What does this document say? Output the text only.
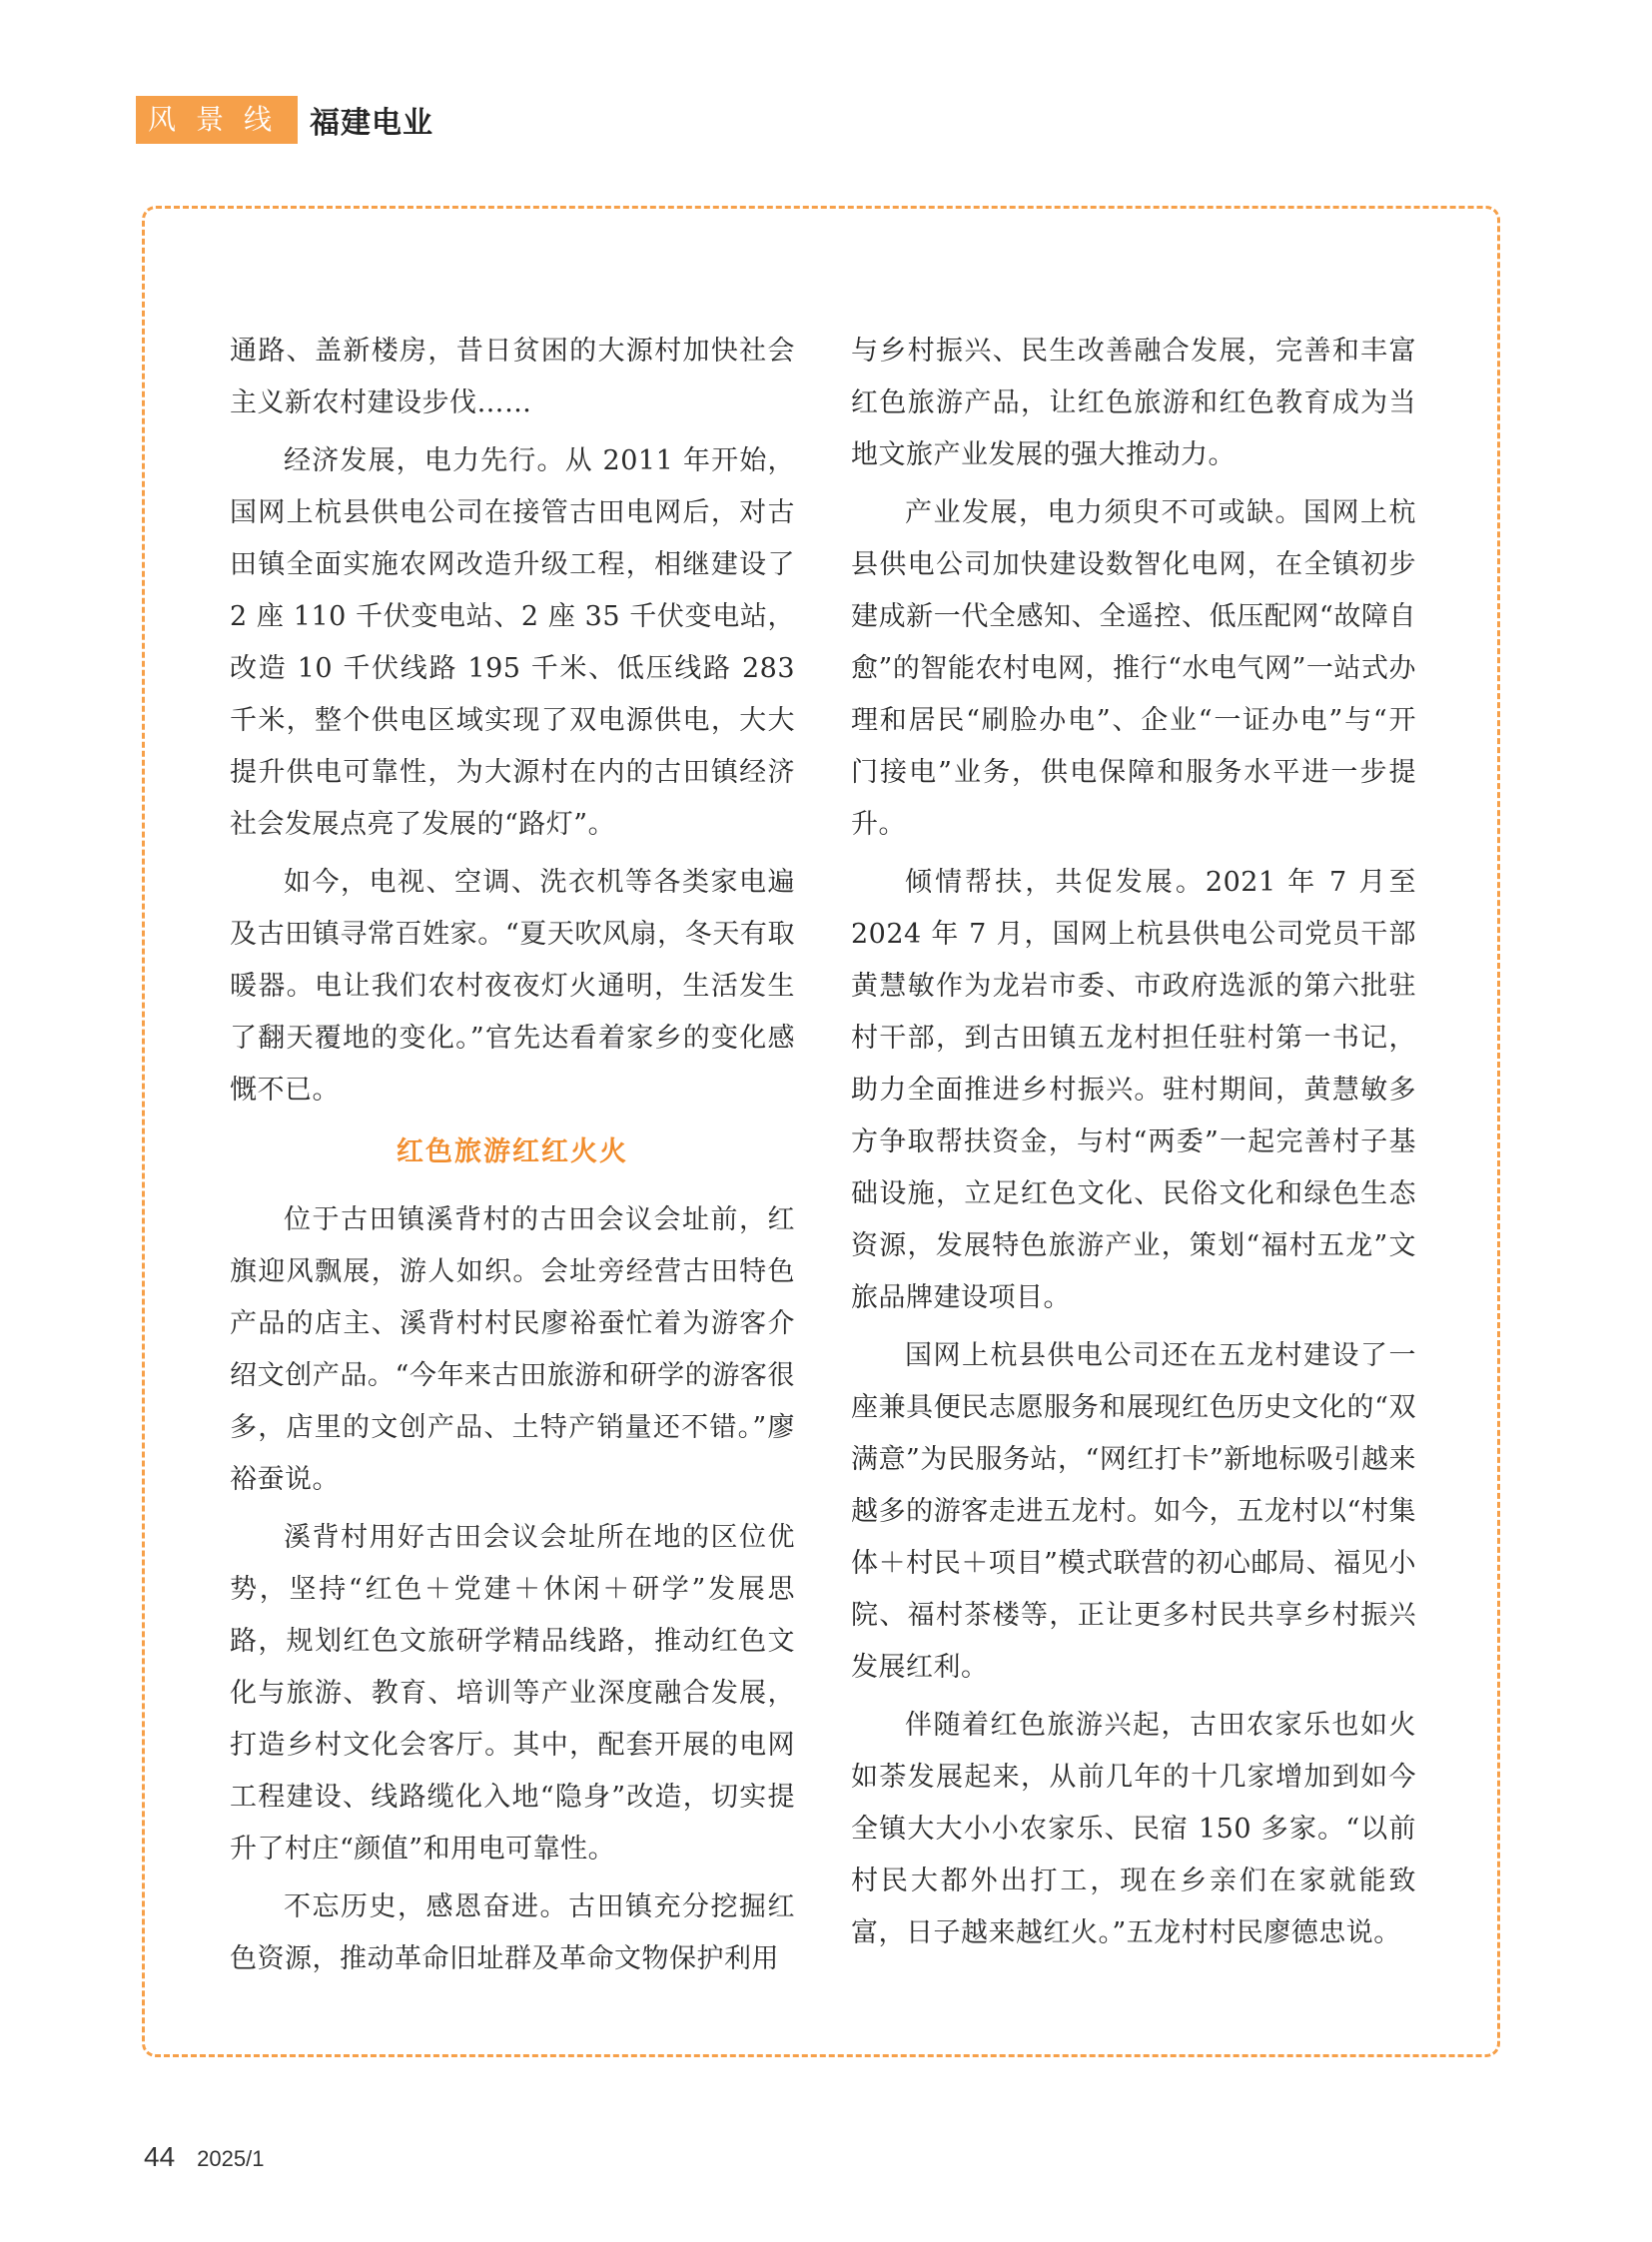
风景线 福建电业

通路、盖新楼房，昔日贫困的大源村加快社会主义新农村建设步伐……

经济发展，电力先行。从 2011 年开始，国网上杭县供电公司在接管古田电网后，对古田镇全面实施农网改造升级工程，相继建设了 2 座 110 千伏变电站、2 座 35 千伏变电站，改造 10 千伏线路 195 千米、低压线路 283 千米，整个供电区域实现了双电源供电，大大提升供电可靠性，为大源村在内的古田镇经济社会发展点亮了发展的“路灯”。

如今，电视、空调、洗衣机等各类家电遍及古田镇寻常百姓家。“夏天吹风扇，冬天有取暖器。电让我们农村夜夜灯火通明，生活发生了翻天覆地的变化。”官先达看着家乡的变化感慨不已。

红色旅游红红火火

位于古田镇溪背村的古田会议会址前，红旗迎风飘展，游人如织。会址旁经营古田特色产品的店主、溪背村村民廖裕蚕忙着为游客介绍文创产品。“今年来古田旅游和研学的游客很多，店里的文创产品、土特产销量还不错。”廖裕蚕说。

溪背村用好古田会议会址所在地的区位优势，坚持“红色＋党建＋休闲＋研学”发展思路，规划红色文旅研学精品线路，推动红色文化与旅游、教育、培训等产业深度融合发展，打造乡村文化会客厅。其中，配套开展的电网工程建设、线路缆化入地“隐身”改造，切实提升了村庄“颜值”和用电可靠性。

不忘历史，感恩奋进。古田镇充分挖掘红色资源，推动革命旧址群及革命文物保护利用

与乡村振兴、民生改善融合发展，完善和丰富红色旅游产品，让红色旅游和红色教育成为当地文旅产业发展的强大推动力。

产业发展，电力须臾不可或缺。国网上杭县供电公司加快建设数智化电网，在全镇初步建成新一代全感知、全遥控、低压配网“故障自愈”的智能农村电网，推行“水电气网”一站式办理和居民“刷脸办电”、企业“一证办电”与“开门接电”业务，供电保障和服务水平进一步提升。

倾情帮扶，共促发展。2021 年 7 月至 2024 年 7 月，国网上杭县供电公司党员干部黄慧敏作为龙岩市委、市政府选派的第六批驻村干部，到古田镇五龙村担任驻村第一书记，助力全面推进乡村振兴。驻村期间，黄慧敏多方争取帮扶资金，与村“两委”一起完善村子基础设施，立足红色文化、民俗文化和绿色生态资源，发展特色旅游产业，策划“福村五龙”文旅品牌建设项目。

国网上杭县供电公司还在五龙村建设了一座兼具便民志愿服务和展现红色历史文化的“双满意”为民服务站，“网红打卡”新地标吸引越来越多的游客走进五龙村。如今，五龙村以“村集体＋村民＋项目”模式联营的初心邮局、福见小院、福村茶楼等，正让更多村民共享乡村振兴发展红利。

伴随着红色旅游兴起，古田农家乐也如火如荼发展起来，从前几年的十几家增加到如今全镇大大小小农家乐、民宿 150 多家。“以前村民大都外出打工，现在乡亲们在家就能致富，日子越来越红火。”五龙村村民廖德忠说。

44 2025/1
